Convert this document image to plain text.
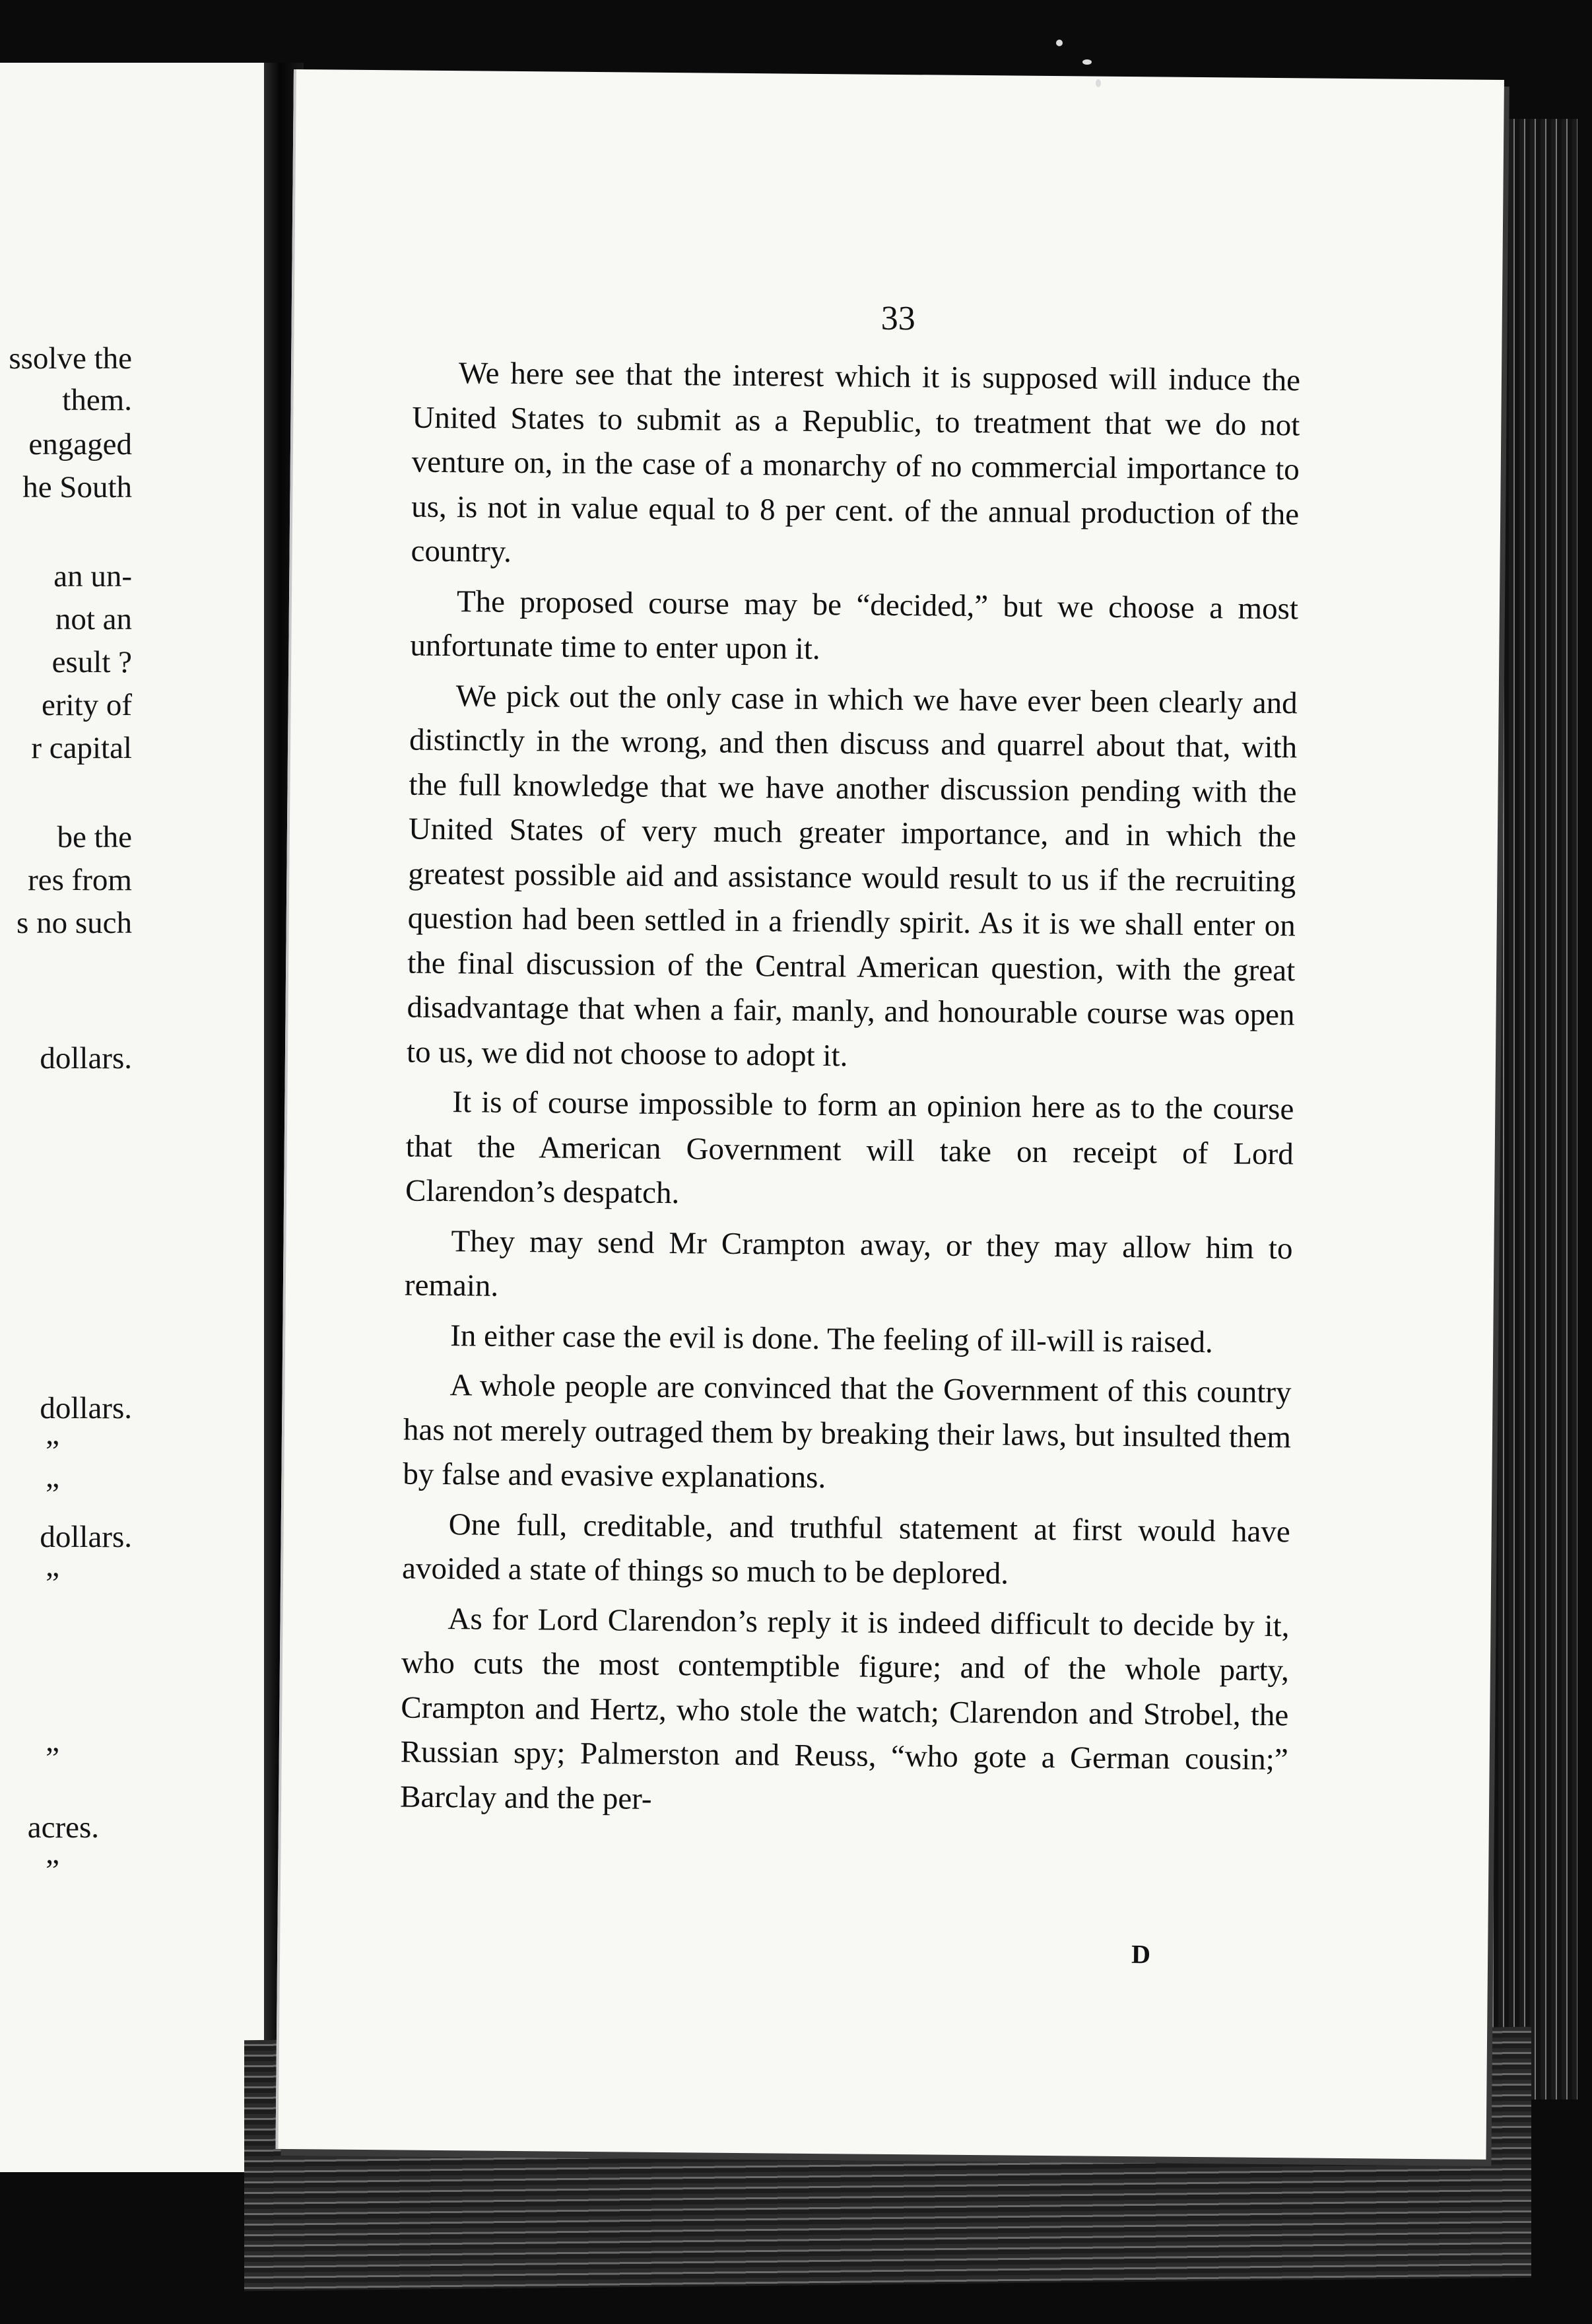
ssolve the

them.

engaged

he South

an un-

not an

esult ?

erity of

r capital

be the

res from

s no such

dollars.

dollars.

”

”

dollars.

”

”

acres.

”

33

We here see that the interest which it is supposed will induce the United States to submit as a Republic, to treatment that we do not venture on, in the case of a monarchy of no commercial importance to us, is not in value equal to 8 per cent. of the annual production of the country.

The proposed course may be “decided,” but we choose a most unfortunate time to enter upon it.

We pick out the only case in which we have ever been clearly and distinctly in the wrong, and then discuss and quarrel about that, with the full knowledge that we have another discussion pending with the United States of very much greater importance, and in which the greatest possible aid and assistance would result to us if the recruiting question had been settled in a friendly spirit. As it is we shall enter on the final discussion of the Central American question, with the great disadvantage that when a fair, manly, and honourable course was open to us, we did not choose to adopt it.

It is of course impossible to form an opinion here as to the course that the American Government will take on receipt of Lord Clarendon’s despatch.

They may send Mr Crampton away, or they may allow him to remain.

In either case the evil is done. The feeling of ill-will is raised.

A whole people are convinced that the Government of this country has not merely outraged them by breaking their laws, but insulted them by false and evasive explanations.

One full, creditable, and truthful statement at first would have avoided a state of things so much to be deplored.

As for Lord Clarendon’s reply it is indeed difficult to decide by it, who cuts the most contemptible figure; and of the whole party, Crampton and Hertz, who stole the watch; Clarendon and Strobel, the Russian spy; Palmerston and Reuss, “who gote a German cousin;” Barclay and the per-

D
